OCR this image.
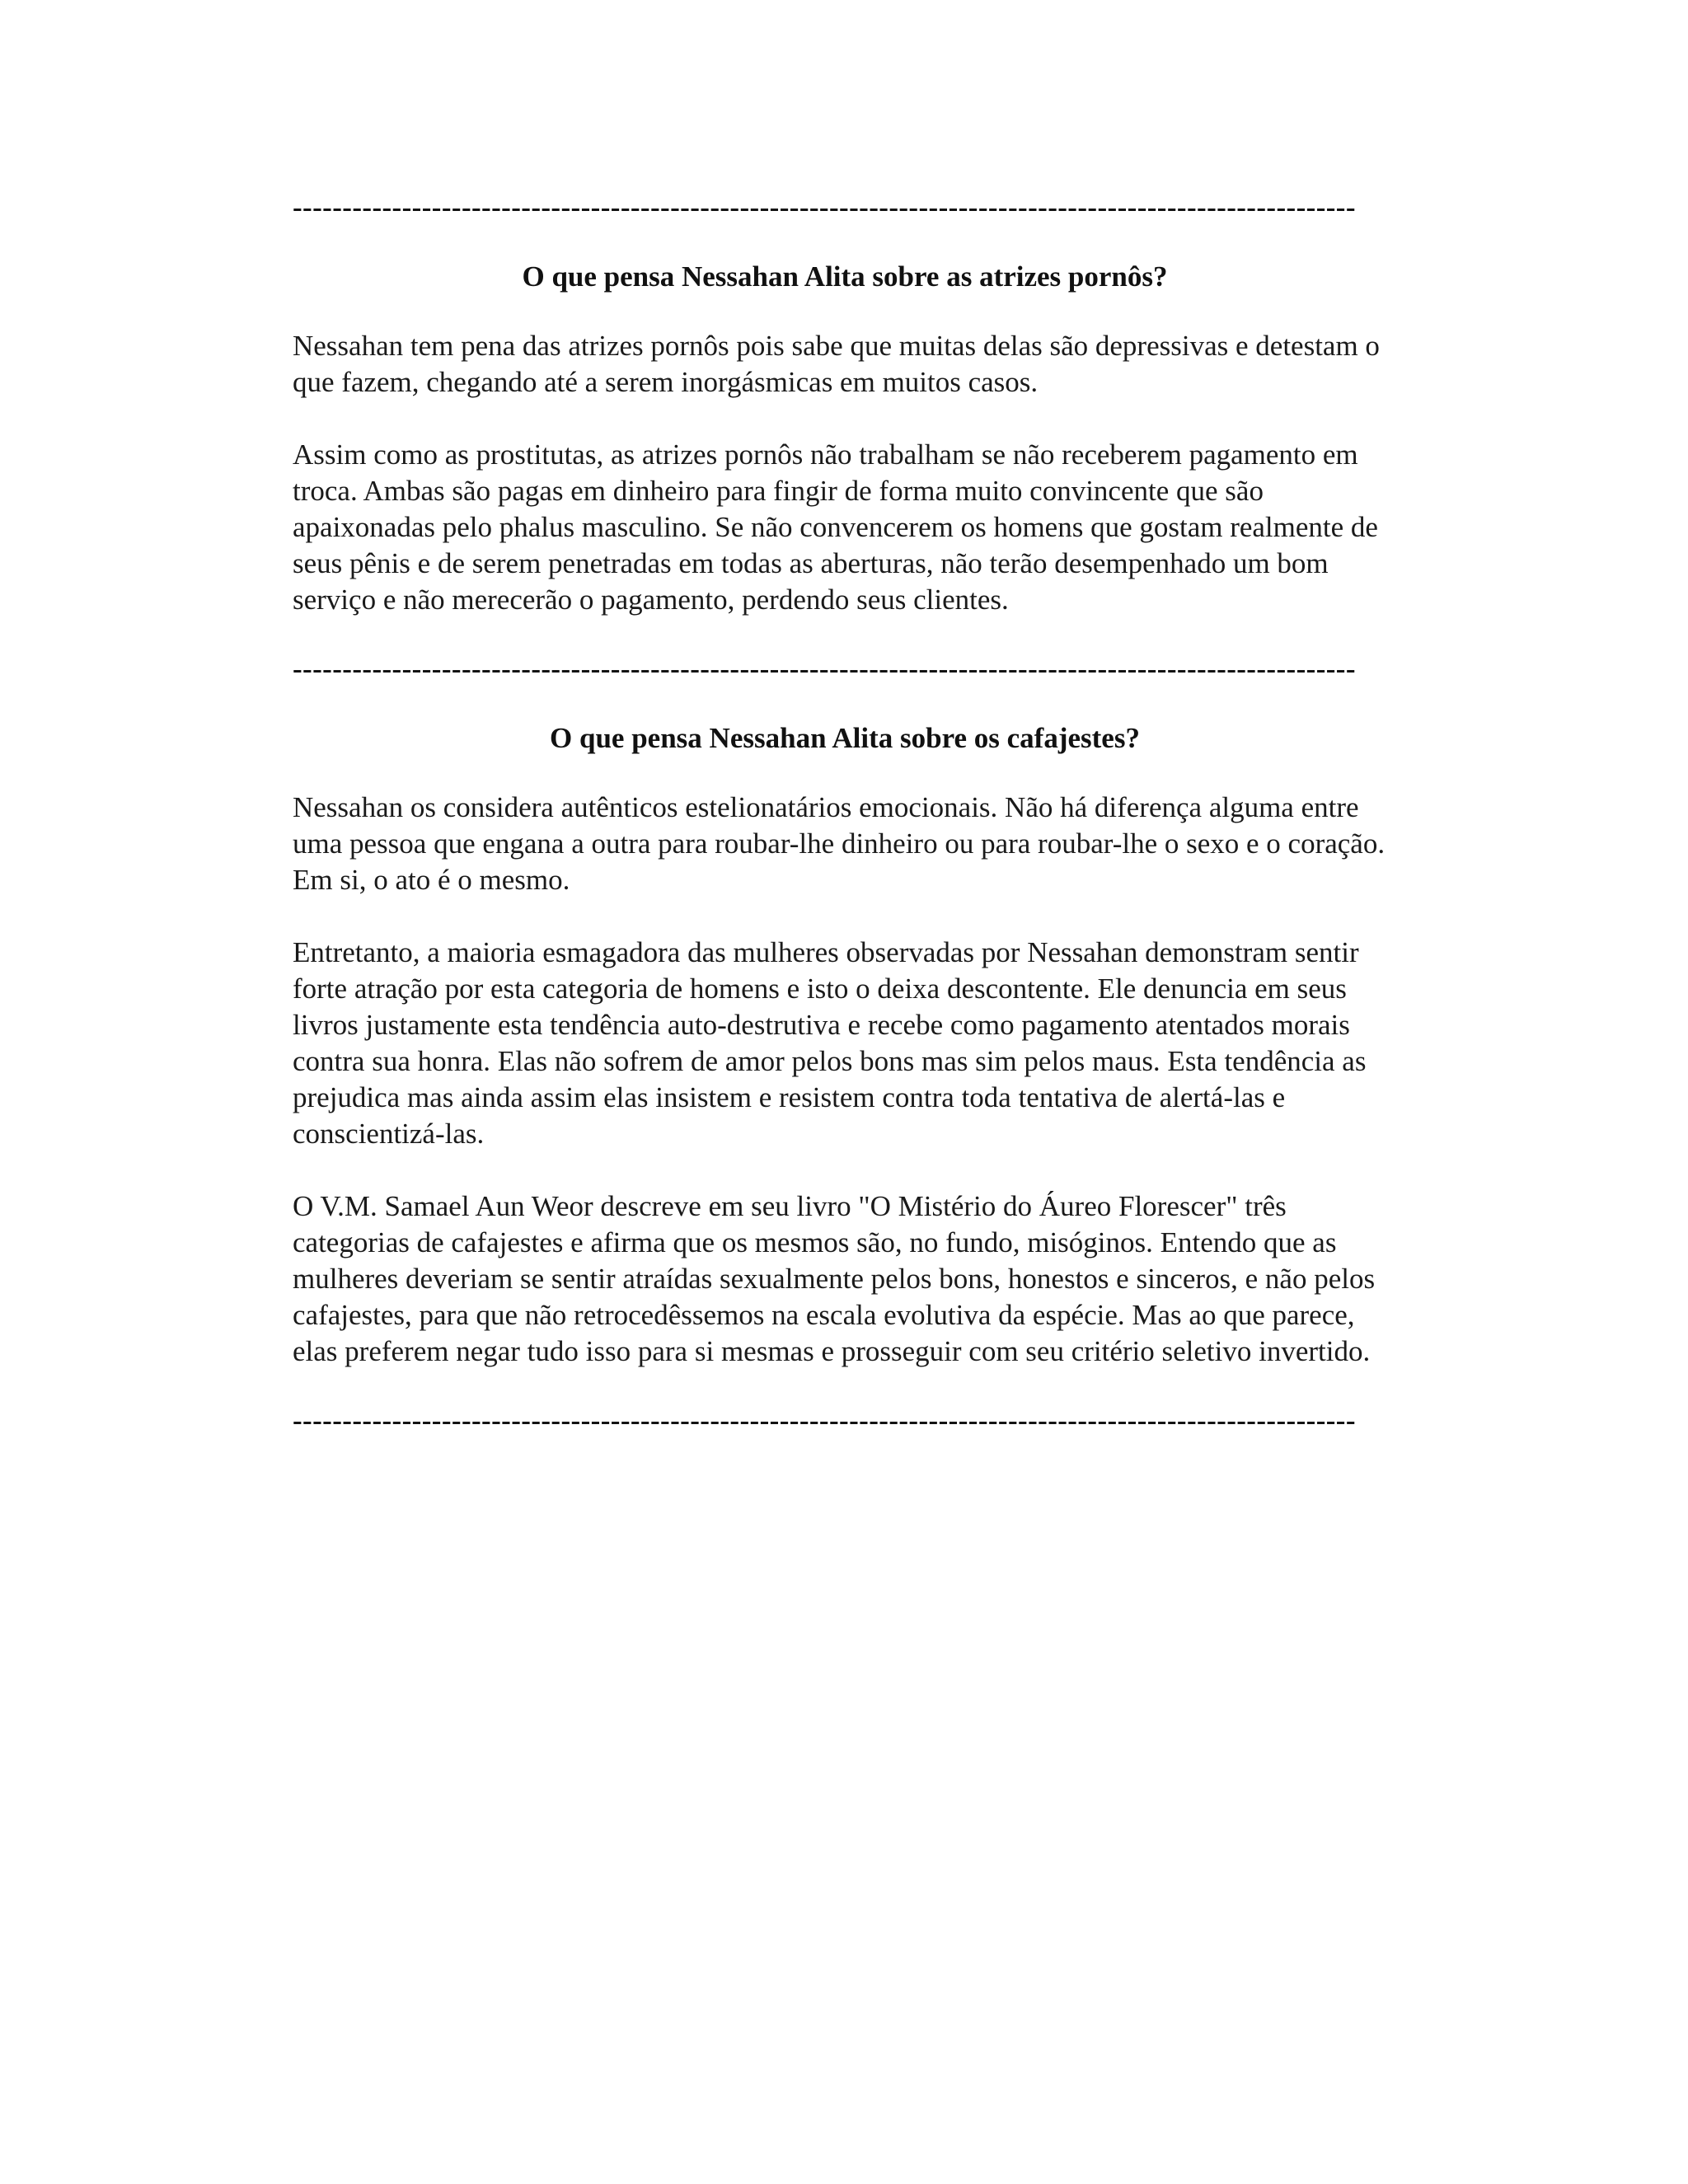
-----------------------------------------------------------------------------------------------------------
O que pensa Nessahan Alita sobre as atrizes pornôs?

Nessahan tem pena das atrizes pornôs pois sabe que muitas delas são depressivas e detestam o que fazem, chegando até a serem inorgásmicas em muitos casos.

Assim como as prostitutas, as atrizes pornôs não trabalham se não receberem pagamento em troca. Ambas são pagas em dinheiro para fingir de forma muito convincente que são apaixonadas pelo phalus masculino. Se não convencerem os homens que gostam realmente de seus pênis e de serem penetradas em todas as aberturas, não terão desempenhado um bom serviço e não merecerão o pagamento, perdendo seus clientes.

-----------------------------------------------------------------------------------------------------------
O que pensa Nessahan Alita sobre os cafajestes?

Nessahan os considera autênticos estelionatários emocionais. Não há diferença alguma entre uma pessoa que engana a outra para roubar-lhe dinheiro ou para roubar-lhe o sexo e o coração. Em si, o ato é o mesmo.

Entretanto, a maioria esmagadora das mulheres observadas por Nessahan demonstram sentir forte atração por esta categoria de homens e isto o deixa descontente. Ele denuncia em seus livros justamente esta tendência auto-destrutiva e recebe como pagamento atentados morais contra sua honra. Elas não sofrem de amor pelos bons mas sim pelos maus. Esta tendência as prejudica mas ainda assim elas insistem e resistem contra toda tentativa de alertá-las e conscientizá-las.

O V.M. Samael Aun Weor descreve em seu livro "O Mistério do Áureo Florescer" três categorias de cafajestes e afirma que os mesmos são, no fundo, misóginos. Entendo que as mulheres deveriam se sentir atraídas sexualmente pelos bons, honestos e sinceros, e não pelos cafajestes, para que não retrocedêssemos na escala evolutiva da espécie. Mas ao que parece, elas preferem negar tudo isso para si mesmas e prosseguir com seu critério seletivo invertido.

-----------------------------------------------------------------------------------------------------------
